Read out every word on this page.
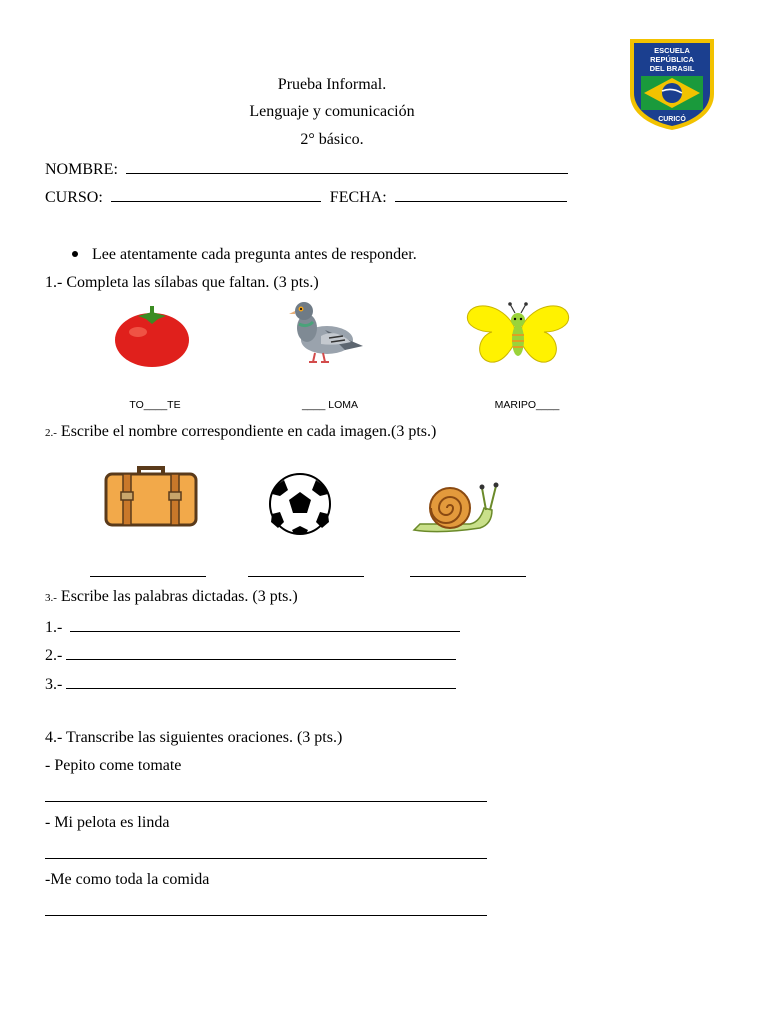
ESCUELA
REPÚBLICA
DEL BRASIL
CURICÓ
Prueba Informal.
Lenguaje y comunicación
2° básico.
NOMBRE:
CURSO:	FECHA:
Lee atentamente cada pregunta antes de responder.
1.- Completa las sílabas que faltan. (3 pts.)
TO____TE	____ LOMA	MARIPO____
2.- Escribe el nombre correspondiente en cada imagen.(3 pts.)
3.- Escribe las palabras dictadas. (3 pts.)
1.-
2.-
3.-
4.- Transcribe las siguientes oraciones. (3 pts.)
- Pepito come tomate
- Mi pelota es linda
-Me como toda la comida
